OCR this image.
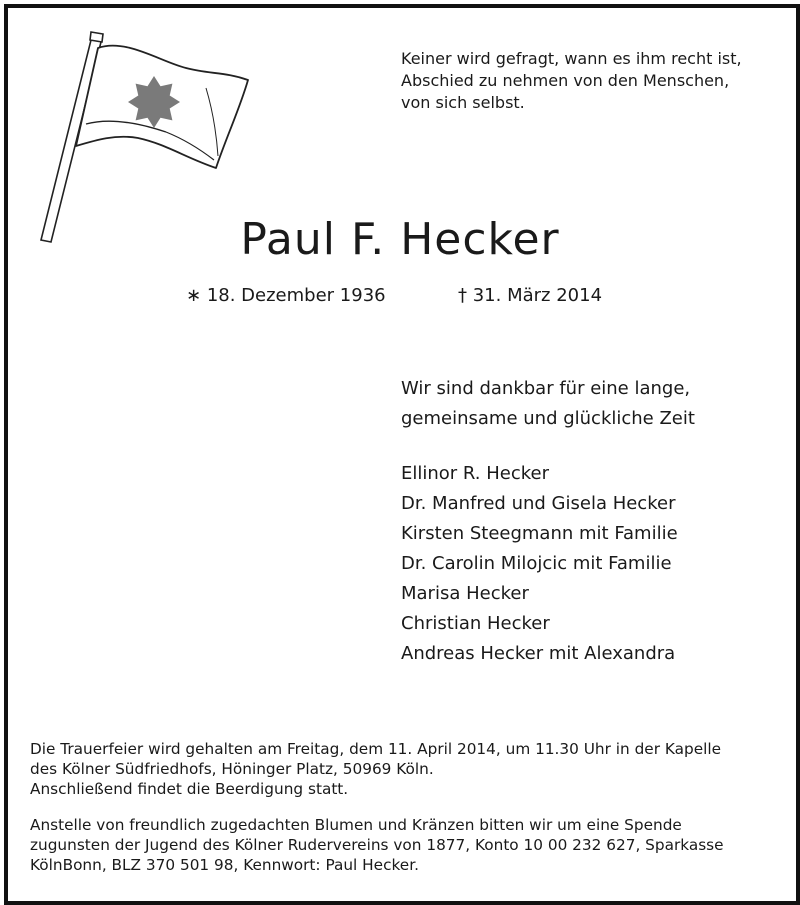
Keiner wird gefragt, wann es ihm recht ist,
Abschied zu nehmen von den Menschen,
von sich selbst.
Paul F. Hecker
∗ 18. Dezember 1936	† 31. März 2014
Wir sind dankbar für eine lange,
gemeinsame und glückliche Zeit
Ellinor R. Hecker
Dr. Manfred und Gisela Hecker
Kirsten Steegmann mit Familie
Dr. Carolin Milojcic mit Familie
Marisa Hecker
Christian Hecker
Andreas Hecker mit Alexandra
Die Trauerfeier wird gehalten am Freitag, dem 11. April 2014, um 11.30 Uhr in der Kapelle
des Kölner Südfriedhofs, Höninger Platz, 50969 Köln.
Anschließend findet die Beerdigung statt.
Anstelle von freundlich zugedachten Blumen und Kränzen bitten wir um eine Spende
zugunsten der Jugend des Kölner Rudervereins von 1877, Konto 10 00 232 627, Sparkasse
KölnBonn, BLZ 370 501 98, Kennwort: Paul Hecker.
